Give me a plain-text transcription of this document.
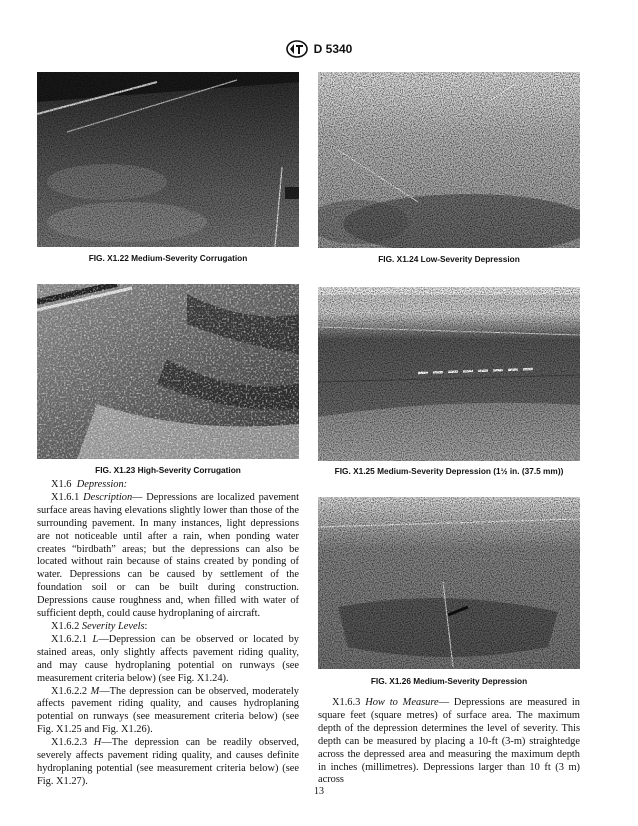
D 5340
FIG. X1.22 Medium-Severity Corrugation	FIG. X1.24 Low-Severity Depression
FIG. X1.23 High-Severity Corrugation	FIG. X1.25 Medium-Severity Depression (1½ in. (37.5 mm))
FIG. X1.26 Medium-Severity Depression

X1.6 Depression:

X1.6.1 Description— Depressions are localized pavement surface areas having elevations slightly lower than those of the surrounding pavement. In many instances, light depressions are not noticeable until after a rain, when ponding water creates “birdbath” areas; but the depressions can also be located without rain because of stains created by ponding of water. Depressions can be caused by settlement of the foundation soil or can be built during construction. Depressions cause roughness and, when filled with water of sufficient depth, could cause hydroplaning of aircraft.

X1.6.2 Severity Levels:

X1.6.2.1 L—Depression can be observed or located by stained areas, only slightly affects pavement riding quality, and may cause hydroplaning potential on runways (see measurement criteria below) (see Fig. X1.24).

X1.6.2.2 M—The depression can be observed, moderately affects pavement riding quality, and causes hydroplaning potential on runways (see measurement criteria below) (see Fig. X1.25 and Fig. X1.26).

X1.6.2.3 H—The depression can be readily observed, severely affects pavement riding quality, and causes definite hydroplaning potential (see measurement criteria below) (see Fig. X1.27).

X1.6.3 How to Measure— Depressions are measured in square feet (square metres) of surface area. The maximum depth of the depression determines the level of severity. This depth can be measured by placing a 10-ft (3-m) straightedge across the depressed area and measuring the maximum depth in inches (millimetres). Depressions larger than 10 ft (3 m) across

13
